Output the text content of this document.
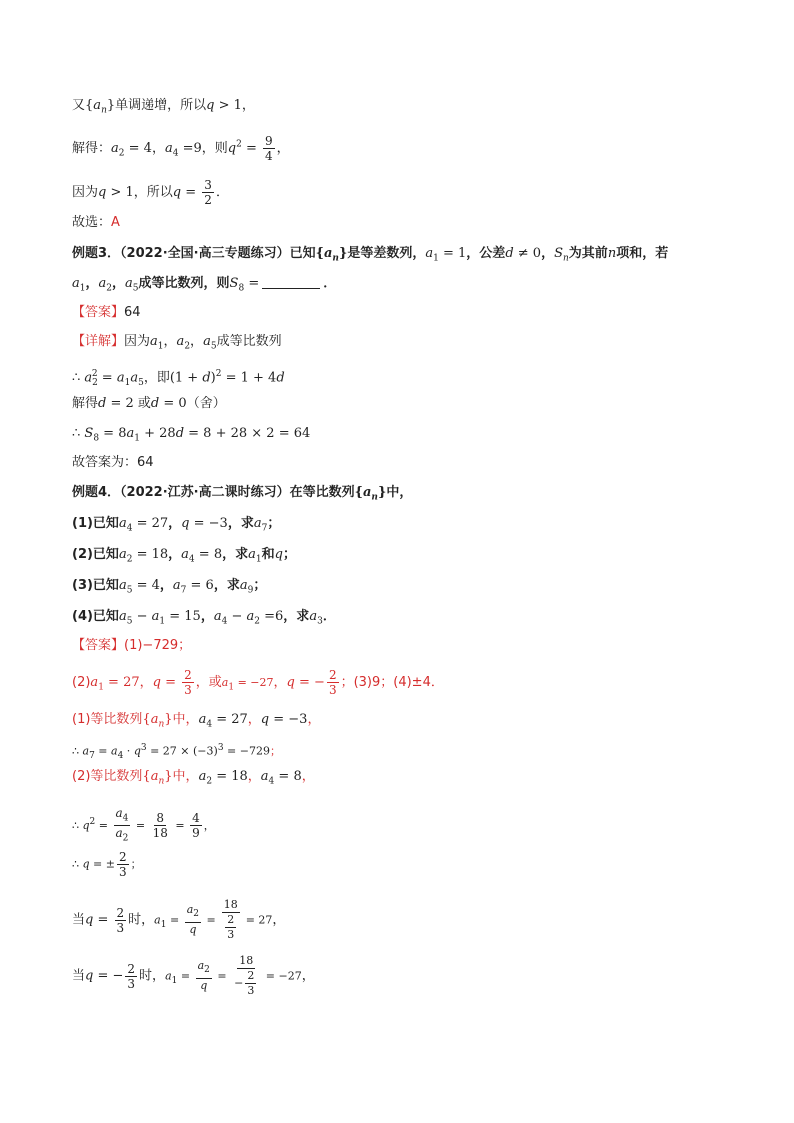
又$\{a_n\}$单调递增，所以q > 1，
解得：$a_2 = 4$，$a_4 =9$，则$q^2 = \frac{9}{4}$ ，
因为q > 1，所以$q = \frac{3}{2}$ ．
故选：A
例题3．（2022·全国·高三专题练习）已知$\{a_n\}$是等差数列，$a_1 = 1$，公差d ≠ 0，$S_n$为其前n项和，若
$a_1$，$a_2$，$a_5$成等比数列，则$S_8$ =	．
【答案】64
【详解】因为$a_1$，$a_2$，$a_5$成等比数列
∴ $a_2^2 = a_1a_5$，即$(1 + d)^2 = 1 + 4d$
解得d = 2 或d = 0（舍）
∴ $S_8 = 8a_1 + 28d = 8 + 28 \times 2 = 64$
故答案为：64
例题4．（2022·江苏·高二课时练习）在等比数列$\{a_n\}$中，
(1)已知$a_4 = 27$，q = −3，求$a_7$；
(2)已知$a_2 = 18$，$a_4 = 8$，求$a_1$和q；
(3)已知$a_5 = 4$，$a_7 = 6$，求$a_9$；
(4)已知$a_5 - a_1 = 15$，$a_4 - a_2 =6$，求$a_3$．
【答案】(1)−729；
$(2)a_1 = 27$，$q = \frac{2}{3}$ ，或$a_1 = -27$，q = − $\frac{2}{3}$ ；(3)9；(4)±4．
(1)等比数列$\{a_n\}$中，$a_4 = 27$，q = −3，
∴ $a_7 = a_4 \cdot q^3 = 27 \times (-3)^3 = -729$；
(2)等比数列$\{a_n\}$中，$a_2 = 18$，$a_4 = 8$，
∴ $q^2 = \frac{a_4}{a_2} = \frac{8}{18} = \frac{4}{9}$ ，
∴ q = ± $\frac{2}{3}$ ；
当$q = \frac{2}{3}$ 时，$a_1 = \frac{a_2}{q} = \frac{18}{\frac{2}{3}} = 27$，
当q = − $\frac{2}{3}$ 时，$a_1 = \frac{a_2}{q} = \frac{18}{- \frac{2}{3}} = -27$，
